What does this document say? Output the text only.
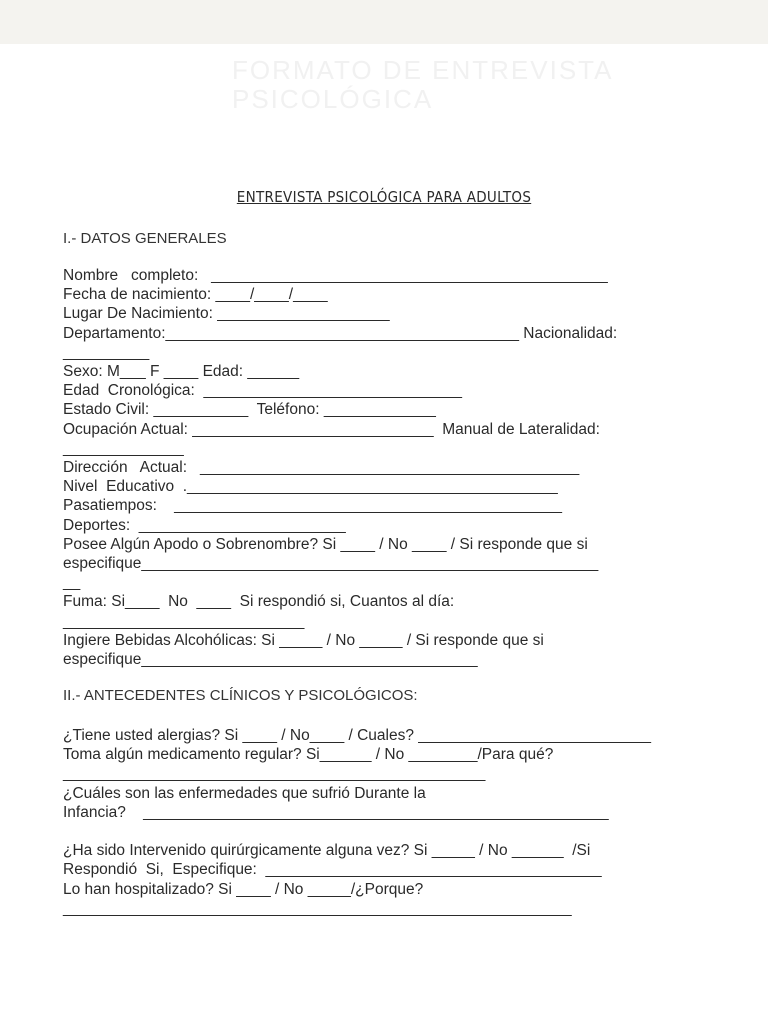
FORMATO DE ENTREVISTA
PSICOLÓGICA
ENTREVISTA PSICOLÓGICA PARA ADULTOS
I.- DATOS GENERALES
Nombre   completo:   ______________________________________________
Fecha de nacimiento: ____/____/____
Lugar De Nacimiento: ____________________
Departamento:_________________________________________ Nacionalidad:
__________
Sexo: M___ F ____ Edad: ______
Edad  Cronológica:  ______________________________
Estado Civil: ___________  Teléfono: _____________
Ocupación Actual: ____________________________  Manual de Lateralidad:
______________
Dirección   Actual:   ____________________________________________
Nivel  Educativo  .___________________________________________
Pasatiempos:    _____________________________________________
Deportes:  ________________________
Posee Algún Apodo o Sobrenombre? Si ____ / No ____ / Si responde que si
especifique_____________________________________________________
__
Fuma: Si____  No  ____  Si respondió si, Cuantos al día:
____________________________
Ingiere Bebidas Alcohólicas: Si _____ / No _____ / Si responde que si
especifique_______________________________________
II.- ANTECEDENTES CLÍNICOS Y PSICOLÓGICOS:
¿Tiene usted alergias? Si ____ / No____ / Cuales? ___________________________
Toma algún medicamento regular? Si______ / No ________/Para qué?
_________________________________________________
¿Cuáles son las enfermedades que sufrió Durante la
Infancia?    ______________________________________________________
¿Ha sido Intervenido quirúrgicamente alguna vez? Si _____ / No ______  /Si
Respondió  Si,  Especifique:  _______________________________________
Lo han hospitalizado? Si ____ / No _____/¿Porque?
___________________________________________________________
